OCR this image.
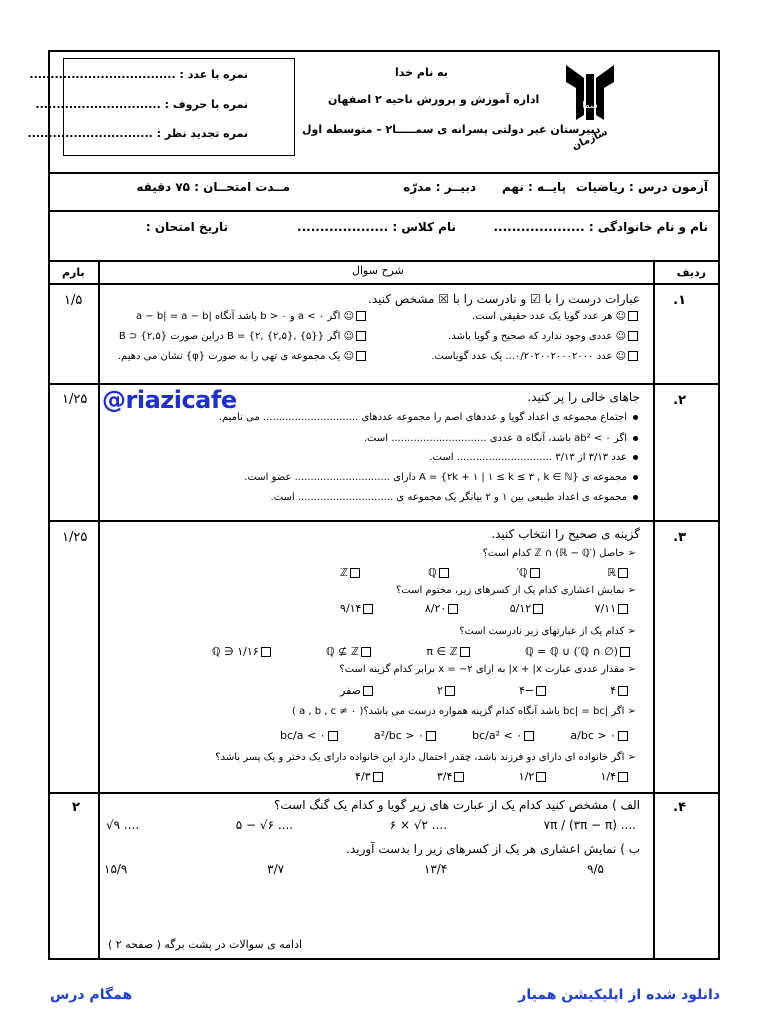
نمره با عدد : ...................................
نمره با حروف : ..............................
نمره تجدید نظر : ..............................
به نام خدا
اداره آموزش و پرورش ناحیه ۲ اصفهان
دبیرستان غیر دولتی پسرانه ی سمـــــا۲ – متوسطه اول
سما
سازمان
آزمون درس : ریاضیات
پایــه : نهم
دبیــر : مدرّه
مــدت امتحــان : ۷۵ دقیقه
نام و نام خانوادگی : ....................
نام کلاس : ....................
تاریخ امتحان :
ردیف
شرح سوال
بارم
۱.
۱/۵	عبارات درست را با ☑ و نادرست را با ☒ مشخص کنید.
☺ هر عدد گویا یک عدد حقیقی است.
☺ اگر ۰ > a و b > ۰ باشد آنگاه |a − b| = a − b
☺ عددی وجود ندارد که صحیح و گویا باشد.
☺ اگر B = {۲, {۲,۵}, {۵}} دراین صورت {۲,۵} ⊂ B
☺ عدد ۰/۲۰۲۰۰۲۰۰۰۲۰۰۰... یک عدد گویاست.
☺ یک مجموعه ی تهی را به صورت {φ} نشان می دهیم.
۲.
۱/۲۵ @riazicafe	جاهای خالی را پر کنید.
اجتماع مجموعه ی اعداد گویا و عددهای اصم را مجموعه عددهای .............................. می نامیم.
اگر ab² < ۰ باشد، آنگاه a عددی .............................. است.
عدد ۳/۱۳ از ۳/۱۳ .............................. است.
مجموعه ی A = {۲k + ۱ | ۱ ≤ k ≤ ۳ , k ∈ ℕ} دارای .............................. عضو است.
مجموعه ی اعداد طبیعی بین ۱ و ۲ بیانگر یک مجموعه ی .............................. است.
۳.
۱/۲۵	گزینه ی صحیح را انتخاب کنید.
➢ حاصل ℤ ∩ (ℝ − ℚ′) کدام است؟
ℝ
ℚ′
ℚ
ℤ
➢ نمایش اعشاری کدام یک از کسرهای زیر، مختوم است؟
۷/۱۱
۵/۱۲
۸/۲۰
۹/۱۴
➢ کدام یک از عبارتهای زیر نادرست است؟
(∅ ∩ ℚ′) ∪ ℚ = ℚ
π ∈ ℤ
ℚ ⊈ ℤ
۱/۱۶ ∈ ℚ
➢ مقدار عددی عبارت x + |x| به ازای x = −۲ برابر کدام گزینه است؟
۴
−۴
۲
صفر
➢ اگر |bc| = bc باشد آنگاه کدام گزینه همواره درست می باشد؟( a , b , c ≠ ۰ )
a/bc > ۰
bc/a² < ۰
a²/bc > ۰
bc/a < ۰
➢ اگر خانواده ای دارای دو فرزند باشد، چقدر احتمال دارد این خانواده دارای یک دختر و یک پسر باشد؟
۱/۴
۱/۲
۳/۴
۴/۳
۴.
۲	الف ) مشخص کنید کدام یک از عبارت های زیر گویا و کدام یک گنگ است؟
√۹ ....	۵ − √۶ ....	۶ × √۲ ....	۷π / (۳π − π) ....
ب ) نمایش اعشاری هر یک از کسرهای زیر را بدست آورید.
۱۵/۹	۳/۷	۱۳/۴	۹/۵
ادامه ی سوالات در پشت برگه ( صفحه ۲ )
دانلود شده از اپلیکیشن همیار
همگام درس
